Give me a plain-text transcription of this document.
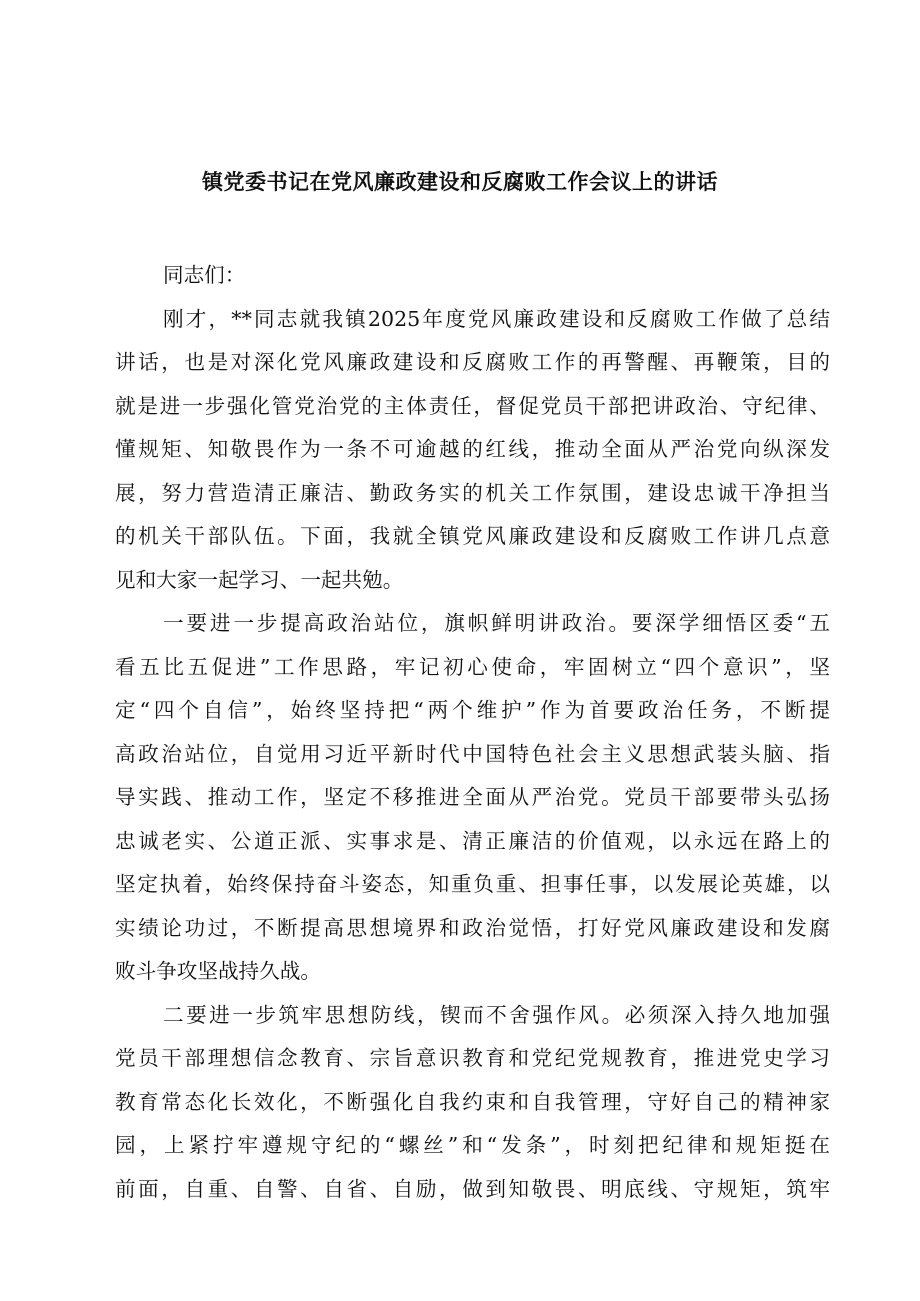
镇党委书记在党风廉政建设和反腐败工作会议上的讲话
同志们：
刚才，**同志就我镇2025年度党风廉政建设和反腐败工作做了总结
讲话，也是对深化党风廉政建设和反腐败工作的再警醒、再鞭策，目的
就是进一步强化管党治党的主体责任，督促党员干部把讲政治、守纪律、
懂规矩、知敬畏作为一条不可逾越的红线，推动全面从严治党向纵深发
展，努力营造清正廉洁、勤政务实的机关工作氛围，建设忠诚干净担当
的机关干部队伍。下面，我就全镇党风廉政建设和反腐败工作讲几点意
见和大家一起学习、一起共勉。
一要进一步提高政治站位，旗帜鲜明讲政治。要深学细悟区委“五
看五比五促进”工作思路，牢记初心使命，牢固树立“四个意识”，坚
定“四个自信”，始终坚持把“两个维护”作为首要政治任务，不断提
高政治站位，自觉用习近平新时代中国特色社会主义思想武装头脑、指
导实践、推动工作，坚定不移推进全面从严治党。党员干部要带头弘扬
忠诚老实、公道正派、实事求是、清正廉洁的价值观，以永远在路上的
坚定执着，始终保持奋斗姿态，知重负重、担事任事，以发展论英雄，以
实绩论功过，不断提高思想境界和政治觉悟，打好党风廉政建设和发腐
败斗争攻坚战持久战。
二要进一步筑牢思想防线，锲而不舍强作风。必须深入持久地加强
党员干部理想信念教育、宗旨意识教育和党纪党规教育，推进党史学习
教育常态化长效化，不断强化自我约束和自我管理，守好自己的精神家
园，上紧拧牢遵规守纪的“螺丝”和“发条”，时刻把纪律和规矩挺在
前面，自重、自警、自省、自励，做到知敬畏、明底线、守规矩，筑牢
